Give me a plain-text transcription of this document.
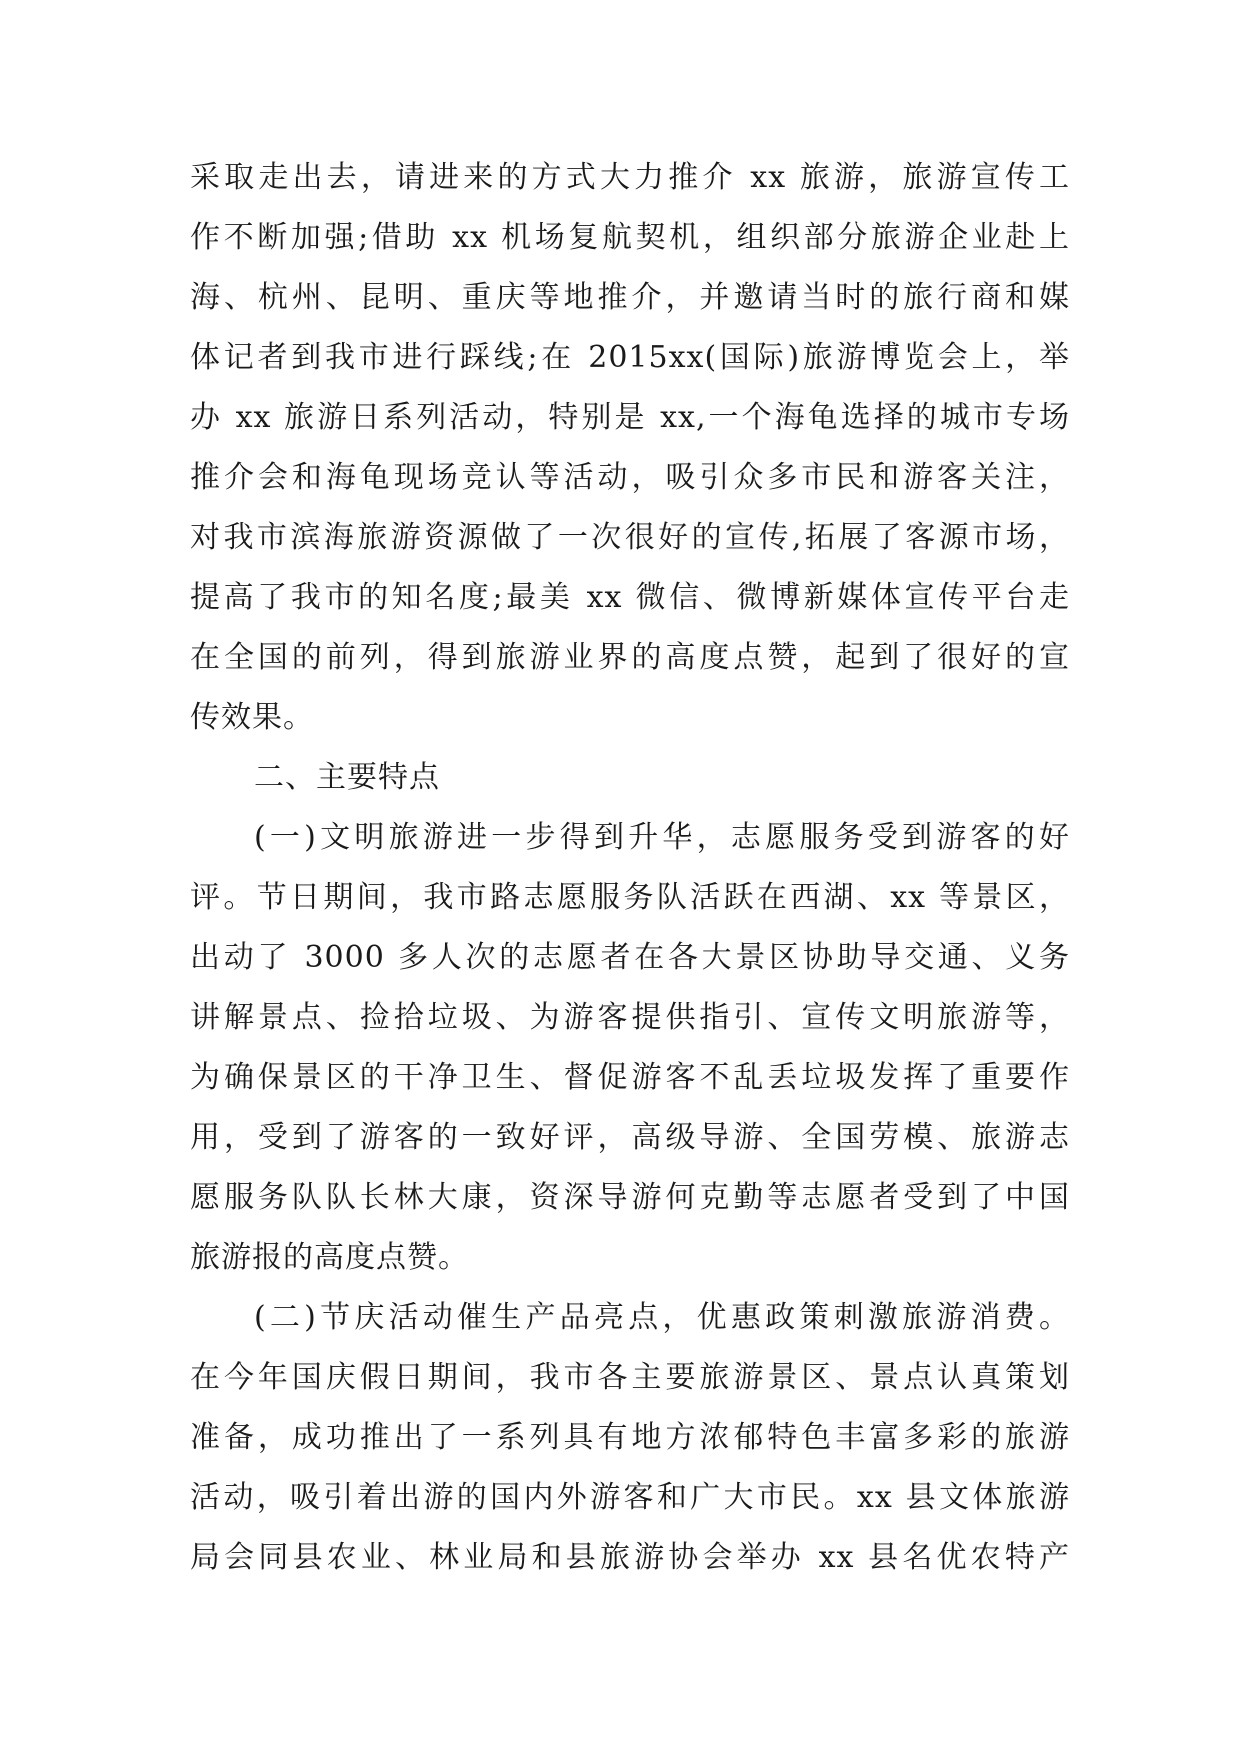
采取走出去，请进来的方式大力推介 xx 旅游，旅游宣传工
作不断加强;借助 xx 机场复航契机，组织部分旅游企业赴上
海、杭州、昆明、重庆等地推介，并邀请当时的旅行商和媒
体记者到我市进行踩线;在 2015xx(国际)旅游博览会上，举
办 xx 旅游日系列活动，特别是 xx,一个海龟选择的城市专场
推介会和海龟现场竞认等活动，吸引众多市民和游客关注，
对我市滨海旅游资源做了一次很好的宣传,拓展了客源市场，
提高了我市的知名度;最美 xx 微信、微博新媒体宣传平台走
在全国的前列，得到旅游业界的高度点赞，起到了很好的宣
传效果。
二、主要特点
(一)文明旅游进一步得到升华，志愿服务受到游客的好
评。节日期间，我市路志愿服务队活跃在西湖、xx 等景区，
出动了 3000 多人次的志愿者在各大景区协助导交通、义务
讲解景点、捡拾垃圾、为游客提供指引、宣传文明旅游等，
为确保景区的干净卫生、督促游客不乱丢垃圾发挥了重要作
用，受到了游客的一致好评，高级导游、全国劳模、旅游志
愿服务队队长林大康，资深导游何克勤等志愿者受到了中国
旅游报的高度点赞。
(二)节庆活动催生产品亮点，优惠政策刺激旅游消费。
在今年国庆假日期间，我市各主要旅游景区、景点认真策划
准备，成功推出了一系列具有地方浓郁特色丰富多彩的旅游
活动，吸引着出游的国内外游客和广大市民。xx 县文体旅游
局会同县农业、林业局和县旅游协会举办 xx 县名优农特产
